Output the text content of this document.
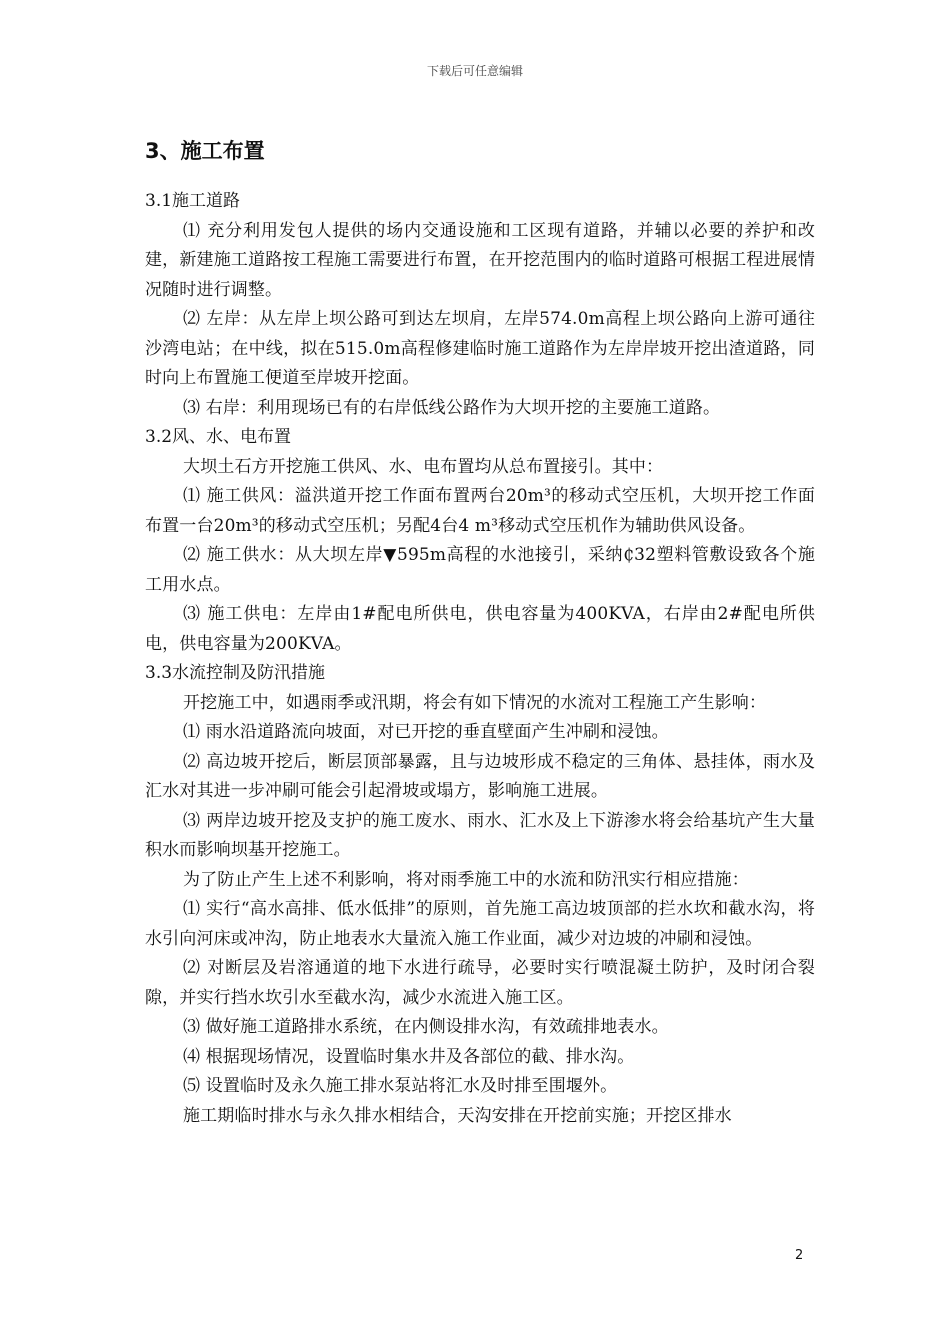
下载后可任意编辑
3、施工布置
3.1施工道路
⑴ 充分利用发包人提供的场内交通设施和工区现有道路，并辅以必要的养护和改建，新建施工道路按工程施工需要进行布置，在开挖范围内的临时道路可根据工程进展情况随时进行调整。
⑵ 左岸：从左岸上坝公路可到达左坝肩，左岸574.0m高程上坝公路向上游可通往沙湾电站；在中线，拟在515.0m高程修建临时施工道路作为左岸岸坡开挖出渣道路，同时向上布置施工便道至岸坡开挖面。
⑶ 右岸：利用现场已有的右岸低线公路作为大坝开挖的主要施工道路。
3.2风、水、电布置
大坝土石方开挖施工供风、水、电布置均从总布置接引。其中：
⑴ 施工供风：溢洪道开挖工作面布置两台20m³的移动式空压机，大坝开挖工作面布置一台20m³的移动式空压机；另配4台4 m³移动式空压机作为辅助供风设备。
⑵ 施工供水：从大坝左岸▼595m高程的水池接引，采纳₵32塑料管敷设致各个施工用水点。
⑶ 施工供电：左岸由1#配电所供电，供电容量为400KVA，右岸由2#配电所供电，供电容量为200KVA。
3.3水流控制及防汛措施
开挖施工中，如遇雨季或汛期，将会有如下情况的水流对工程施工产生影响：
⑴ 雨水沿道路流向坡面，对已开挖的垂直壁面产生冲刷和浸蚀。
⑵ 高边坡开挖后，断层顶部暴露，且与边坡形成不稳定的三角体、悬挂体，雨水及汇水对其进一步冲刷可能会引起滑坡或塌方，影响施工进展。
⑶ 两岸边坡开挖及支护的施工废水、雨水、汇水及上下游渗水将会给基坑产生大量积水而影响坝基开挖施工。
为了防止产生上述不利影响，将对雨季施工中的水流和防汛实行相应措施：
⑴ 实行“高水高排、低水低排”的原则，首先施工高边坡顶部的拦水坎和截水沟，将水引向河床或冲沟，防止地表水大量流入施工作业面，减少对边坡的冲刷和浸蚀。
⑵ 对断层及岩溶通道的地下水进行疏导，必要时实行喷混凝土防护，及时闭合裂隙，并实行挡水坎引水至截水沟，减少水流进入施工区。
⑶ 做好施工道路排水系统，在内侧设排水沟，有效疏排地表水。
⑷ 根据现场情况，设置临时集水井及各部位的截、排水沟。
⑸ 设置临时及永久施工排水泵站将汇水及时排至围堰外。
施工期临时排水与永久排水相结合，天沟安排在开挖前实施；开挖区排水
2
